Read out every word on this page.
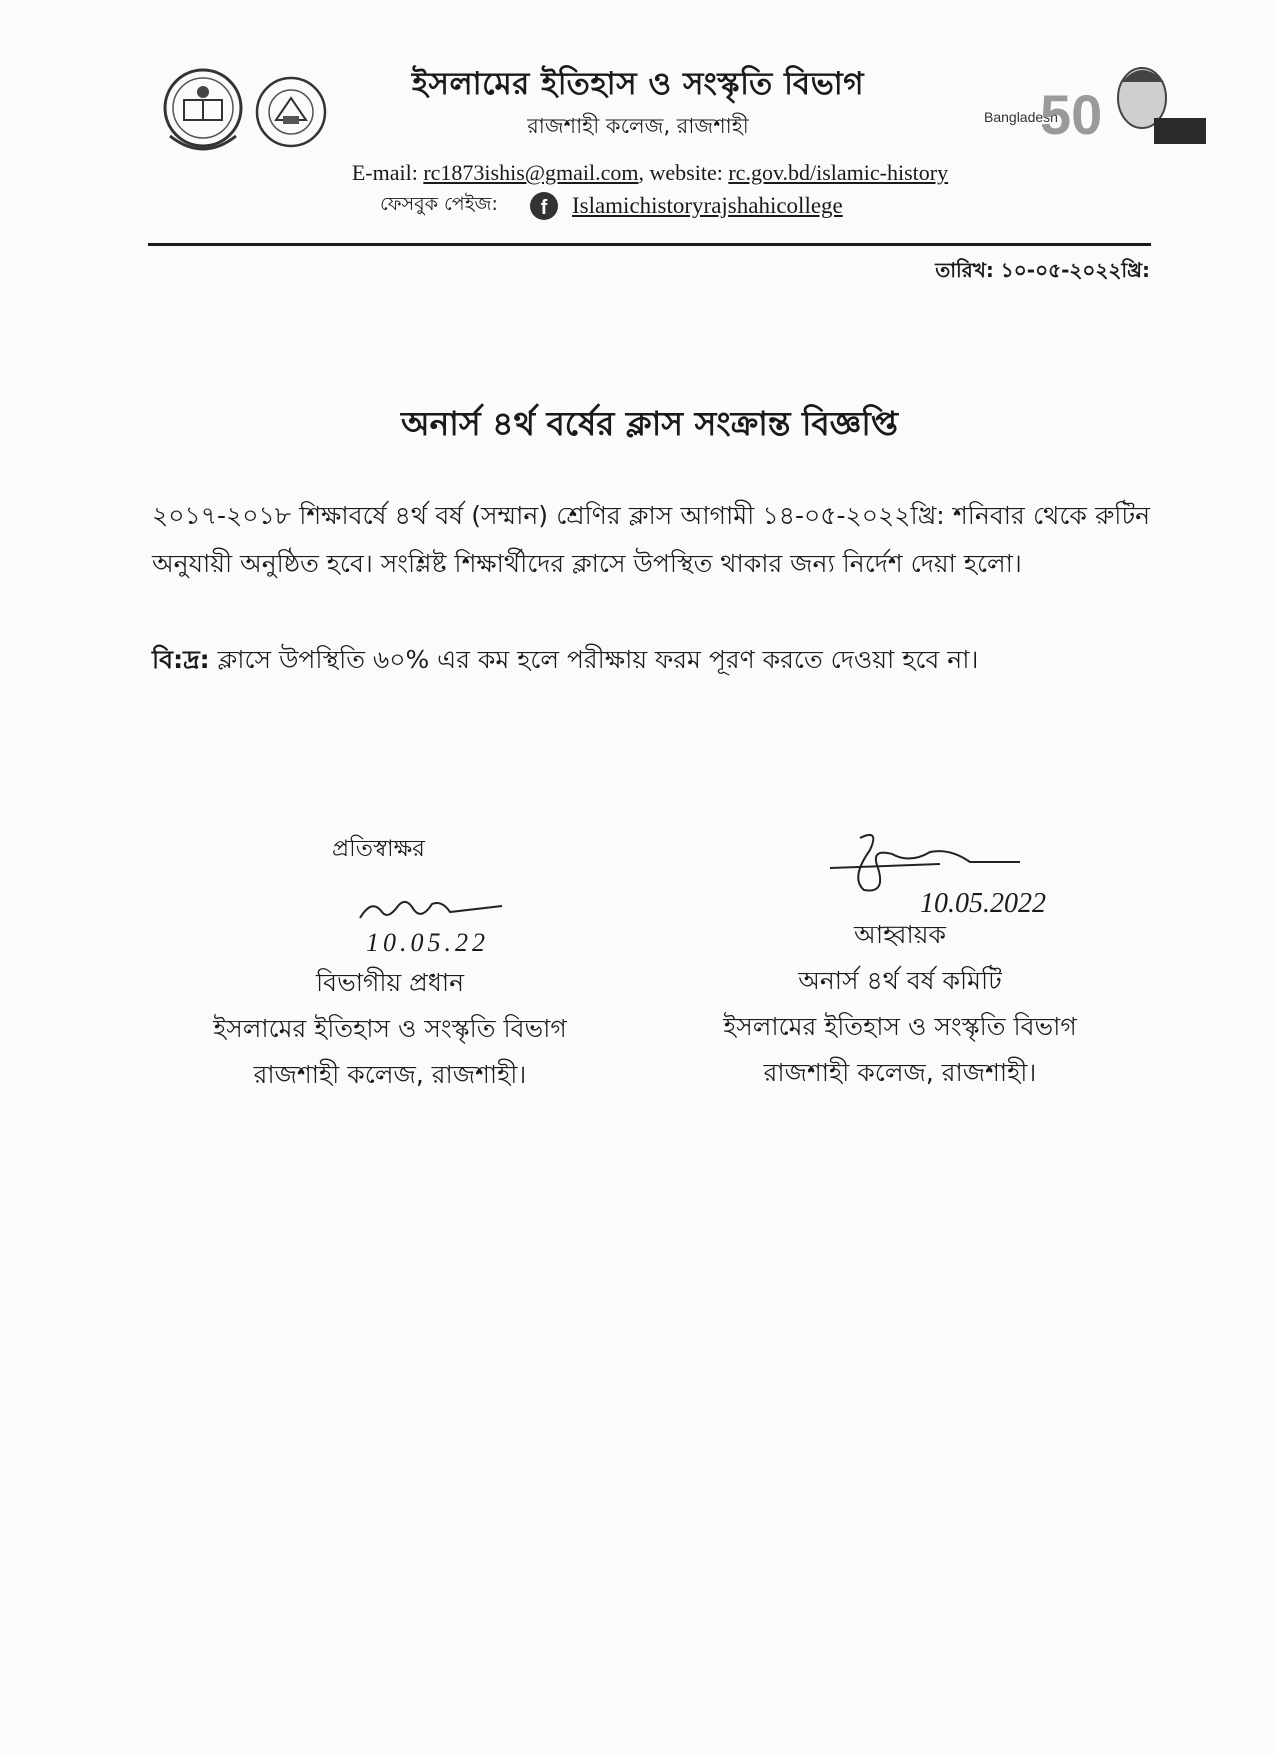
ইসলামের ইতিহাস ও সংস্কৃতি বিভাগ
রাজশাহী কলেজ, রাজশাহী
E-mail: rc1873ishis@gmail.com, website: rc.gov.bd/islamic-history
ফেসবুক পেইজ:	f	Islamichistoryrajshahicollege
Bangladesh
50
তারিখ: ১০-০৫-২০২২খ্রি:
অনার্স ৪র্থ বর্ষের ক্লাস সংক্রান্ত বিজ্ঞপ্তি
২০১৭-২০১৮ শিক্ষাবর্ষে ৪র্থ বর্ষ (সম্মান) শ্রেণির ক্লাস আগামী ১৪-০৫-২০২২খ্রি: শনিবার থেকে রুটিন অনুযায়ী অনুষ্ঠিত হবে। সংশ্লিষ্ট শিক্ষার্থীদের ক্লাসে উপস্থিত থাকার জন্য নির্দেশ দেয়া হলো।
বি:দ্র: ক্লাসে উপস্থিতি ৬০% এর কম হলে পরীক্ষায় ফরম পূরণ করতে দেওয়া হবে না।
প্রতিস্বাক্ষর
10.05.22
বিভাগীয় প্রধান
ইসলামের ইতিহাস ও সংস্কৃতি বিভাগ
রাজশাহী কলেজ, রাজশাহী।
10.05.2022
আহ্বায়ক
অনার্স ৪র্থ বর্ষ কমিটি
ইসলামের ইতিহাস ও সংস্কৃতি বিভাগ
রাজশাহী কলেজ, রাজশাহী।
